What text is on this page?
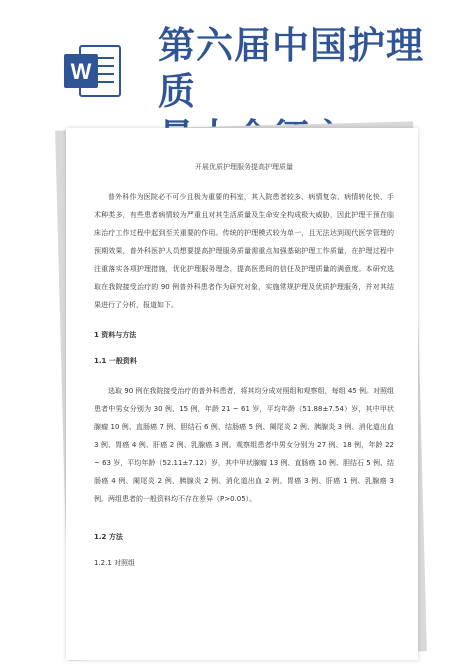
W
第六届中国护理质
开展优质护理服务提高护理质量

普外科作为医院必不可少且极为重要的科室，其入院患者较多、病情复杂、病情转化快、手术种类多，有些患者病情较为严重且对其生活质量及生命安全构成极大威胁，因此护理干预在临床治疗工作过程中起到至关重要的作用。传统的护理模式较为单一，且无法达到现代医学管理的预期效果，普外科医护人员想要提高护理服务质量需重点加强基础护理工作质量，在护理过程中注重落实各项护理措施，优化护理服务理念，提高医患间的信任及护理质量的满意度。本研究选取在我院接受治疗的 90 例普外科患者作为研究对象，实施常规护理及优质护理服务，并对其结果进行了分析，报道如下。

1 资料与方法
1.1 一般资料

选取 90 例在我院接受治疗的普外科患者，将其均分成对照组和观察组，每组 45 例。对照组患者中男女分别为 30 例、15 例，年龄 21 ~ 61 岁，平均年龄（51.88±7.54）岁，其中甲状腺瘤 10 例、直肠癌 7 例、胆结石 6 例、结肠癌 5 例、阑尾炎 2 例、胰腺炎 3 例、消化道出血 3 例、胃癌 4 例、肝癌 2 例、乳腺癌 3 例。观察组患者中男女分别为 27 例、18 例，年龄 22 ~ 63 岁，平均年龄（52.11±7.12）岁，其中甲状腺瘤 13 例、直肠癌 10 例、胆结石 5 例、结肠癌 4 例、阑尾炎 2 例、胰腺炎 2 例、消化道出血 2 例、胃癌 3 例、肝癌 1 例、乳腺癌 3 例。两组患者的一般资料均不存在差异（P>0.05）。

1.2 方法
1.2.1 对照组
